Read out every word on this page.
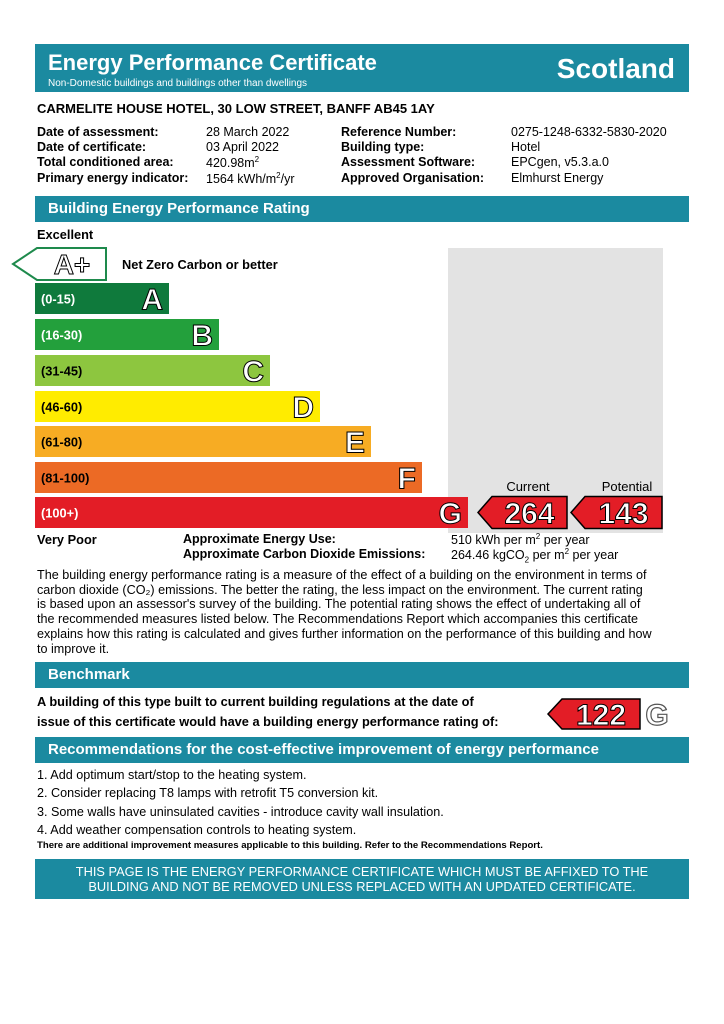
Energy Performance Certificate
Non-Domestic buildings and buildings other than dwellings	Scotland
CARMELITE HOUSE HOTEL, 30 LOW STREET, BANFF AB45 1AY
Date of assessment:	28 March 2022
Date of certificate:	03 April 2022
Total conditioned area:	$420.98m^2$
Primary energy indicator: 1564 kWh/$m^2/yr$
Reference Number:	0275-1248-6332-5830-2020
Building type:	Hotel
Assessment Software:	EPCgen, v5.3.a.0
Approved Organisation: Elmhurst Energy
Building Energy Performance Rating
Excellent
A+ Net Zero Carbon or better
(0-15) A
(16-30)	B
(31-45)	C
(46-60)	D
(61-80)	E
(81-100)	F
(100+)	G 264 143
Current	Potential
122 G
Very Poor	Approximate Energy Use:	510 kWh per $m^2$ per year
Approximate Carbon Dioxide Emissions: 264.46 kgCO$_2$ per $m^2$ per year
The building energy performance rating is a measure of the effect of a building on the environment in terms of
carbon dioxide (CO₂) emissions. The better the rating, the less impact on the environment. The current rating
is based upon an assessor's survey of the building. The potential rating shows the effect of undertaking all of
the recommended measures listed below. The Recommendations Report which accompanies this certificate
explains how this rating is calculated and gives further information on the performance of this building and how
to improve it.
Benchmark
A building of this type built to current building regulations at the date of
issue of this certificate would have a building energy performance rating of:
Recommendations for the cost-effective improvement of energy performance
1. Add optimum start/stop to the heating system.
2. Consider replacing T8 lamps with retrofit T5 conversion kit.
3. Some walls have uninsulated cavities - introduce cavity wall insulation.
4. Add weather compensation controls to heating system.
There are additional improvement measures applicable to this building. Refer to the Recommendations Report.
THIS PAGE IS THE ENERGY PERFORMANCE CERTIFICATE WHICH MUST BE AFFIXED TO THE
BUILDING AND NOT BE REMOVED UNLESS REPLACED WITH AN UPDATED CERTIFICATE.
